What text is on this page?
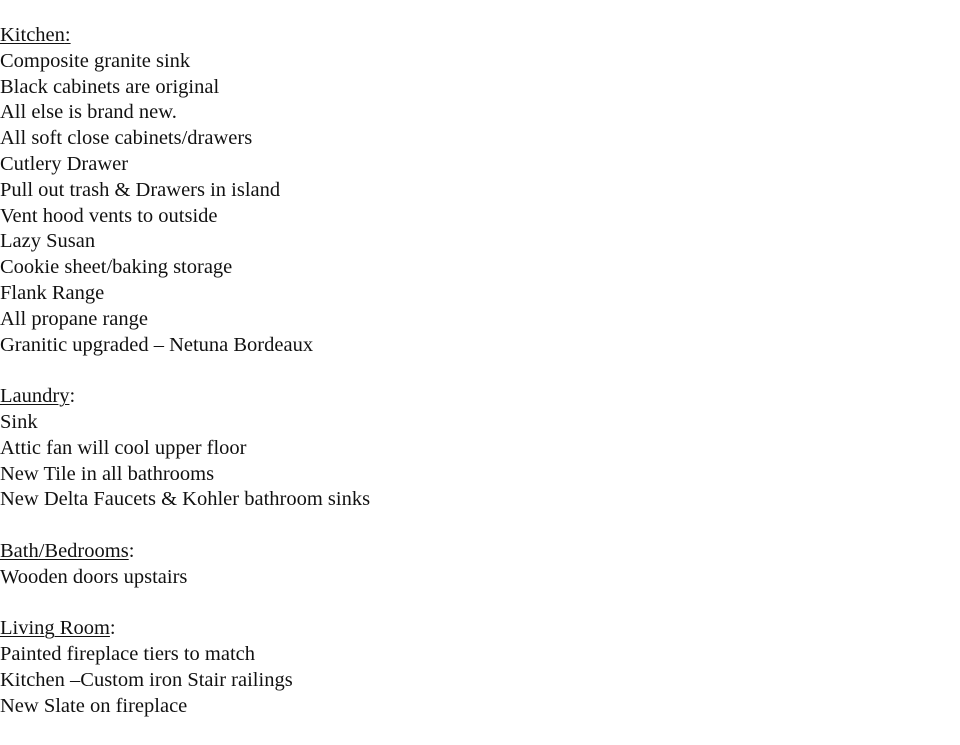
Kitchen:
Composite granite sink
Black cabinets are original
All else is brand new.
All soft close cabinets/drawers
Cutlery Drawer
Pull out trash & Drawers in island
Vent hood vents to outside
Lazy Susan
Cookie sheet/baking storage
Flank Range
All propane range
Granitic upgraded – Netuna Bordeaux
Laundry:
Sink
Attic fan will cool upper floor
New Tile in all bathrooms
New Delta Faucets & Kohler bathroom sinks
Bath/Bedrooms:
Wooden doors upstairs
Living Room:
Painted fireplace tiers to match
Kitchen –Custom iron Stair railings
New Slate on fireplace
